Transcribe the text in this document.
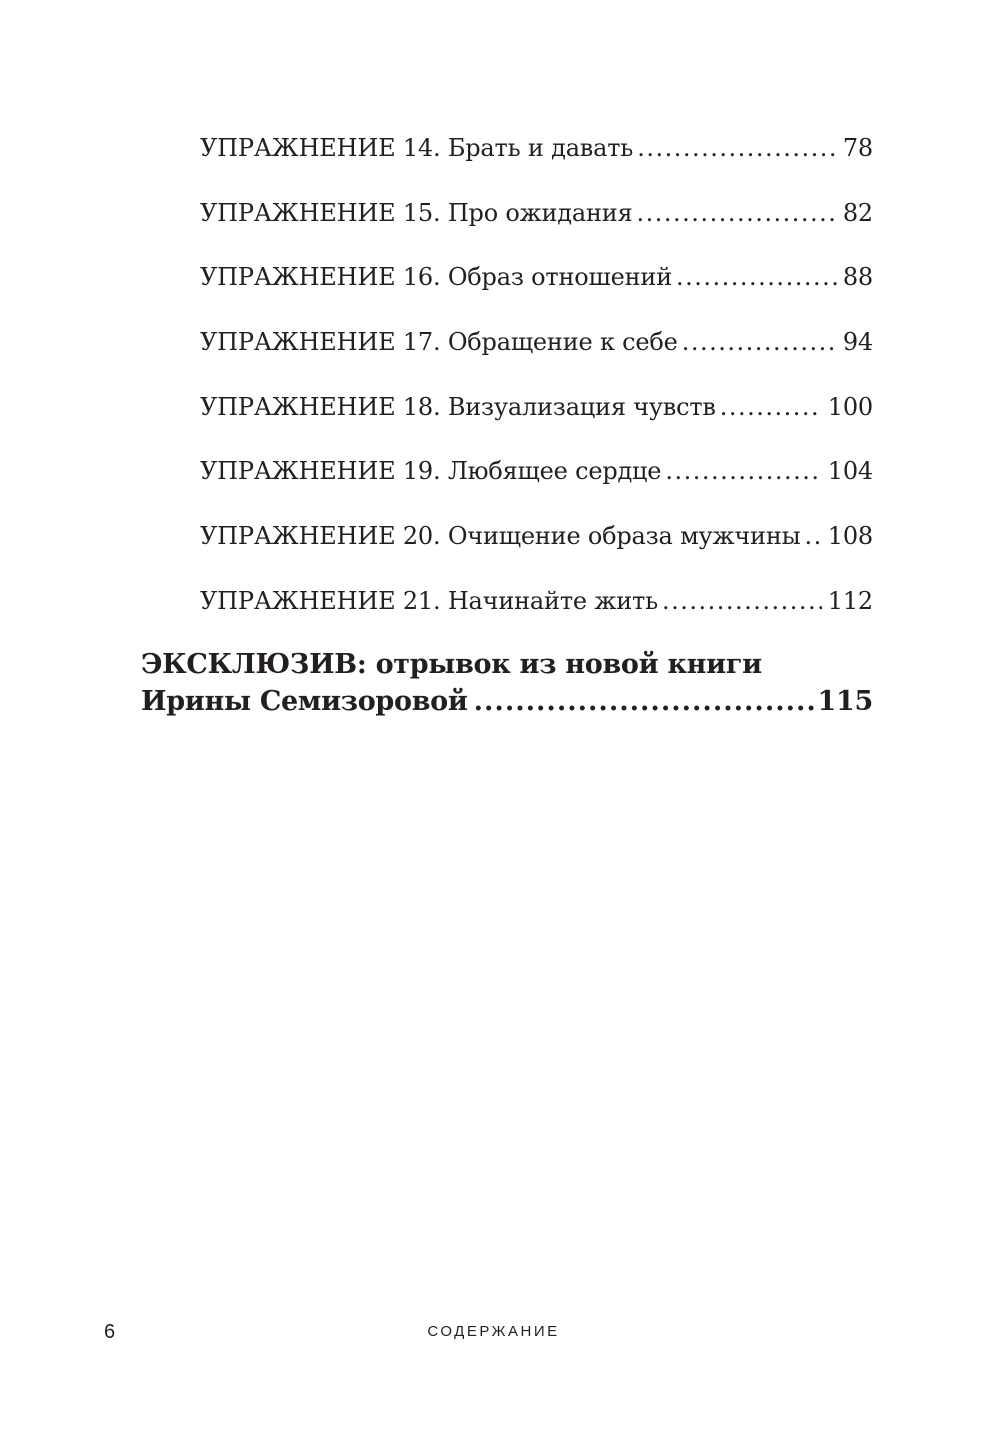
УПРАЖНЕНИЕ 14. Брать и давать .....	78
УПРАЖНЕНИЕ 15. Про ожидания .....	82
УПРАЖНЕНИЕ 16. Образ отношений .....	88
УПРАЖНЕНИЕ 17. Обращение к себе .....	94
УПРАЖНЕНИЕ 18. Визуализация чувств .....	100
УПРАЖНЕНИЕ 19. Любящее сердце .....	104
УПРАЖНЕНИЕ 20. Очищение образа мужчины ..... 108
УПРАЖНЕНИЕ 21. Начинайте жить .....	112
ЭКСКЛЮЗИВ: отрывок из новой книги
Ирины Семизоровой .....	115
6	СОДЕРЖАНИЕ
